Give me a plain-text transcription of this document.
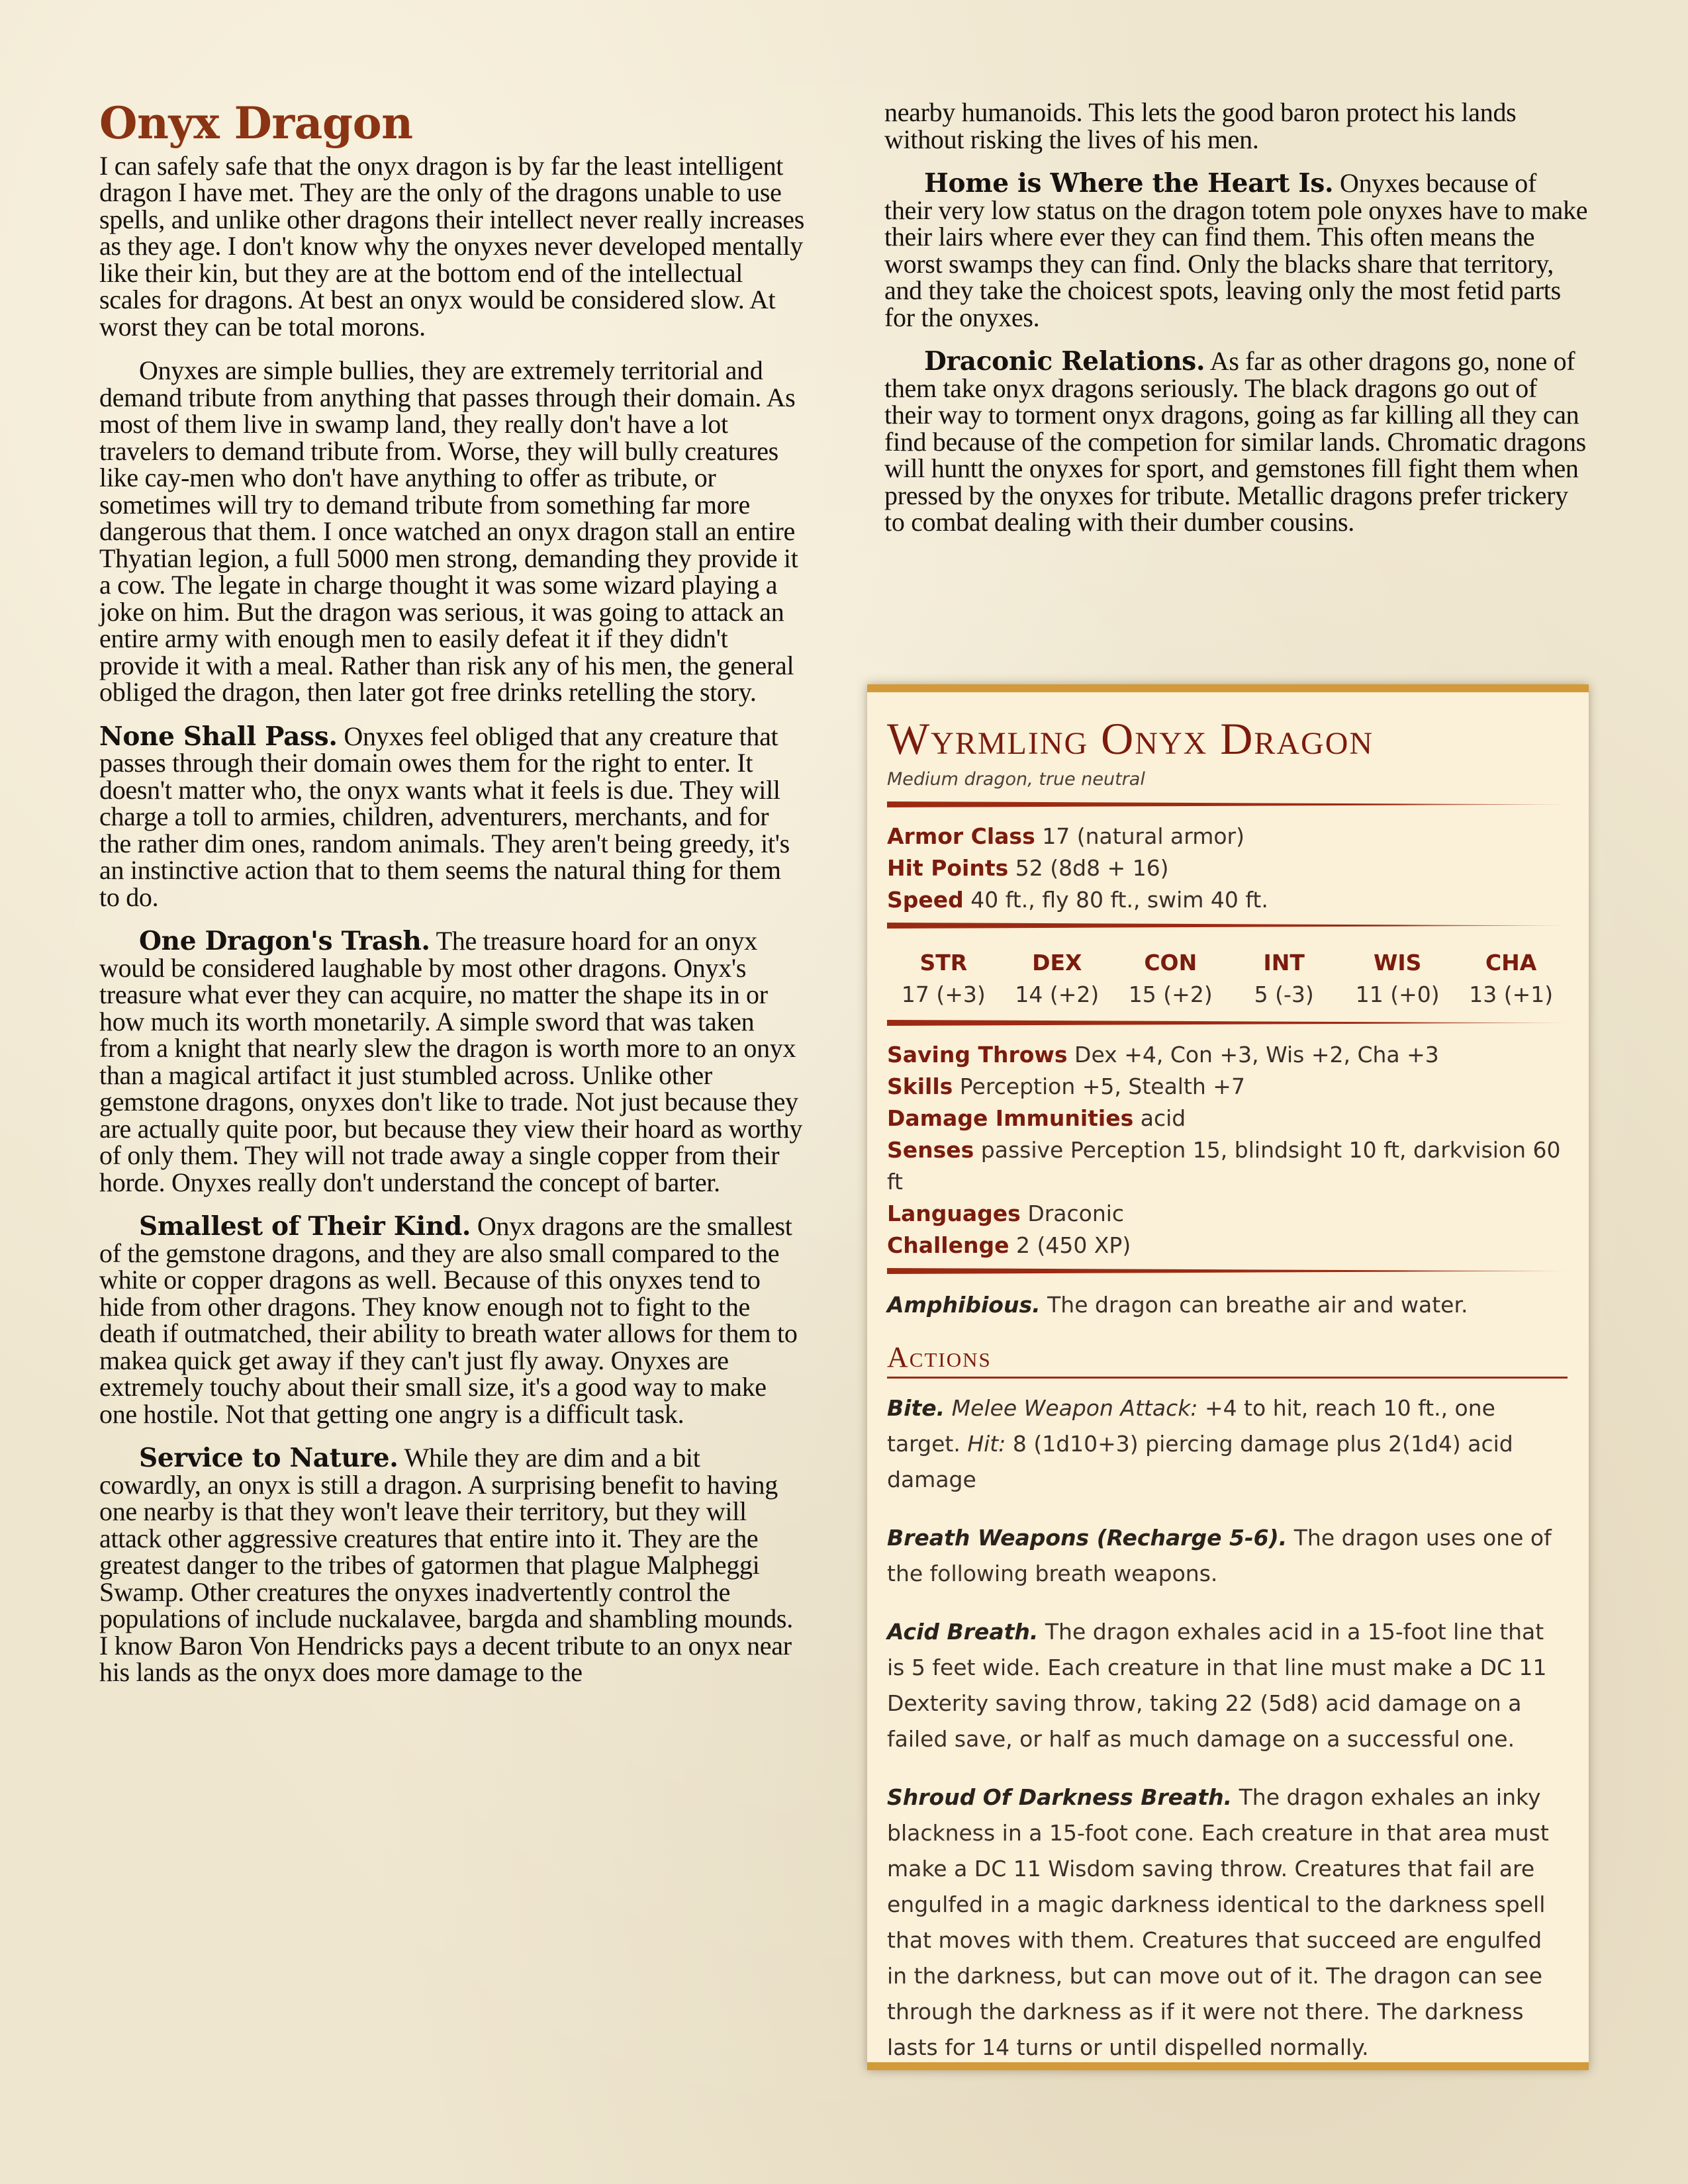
Onyx Dragon

I can safely safe that the onyx dragon is by far the least intelligent dragon I have met. They are the only of the dragons unable to use spells, and unlike other dragons their intellect never really increases as they age. I don't know why the onyxes never developed mentally like their kin, but they are at the bottom end of the intellectual scales for dragons. At best an onyx would be considered slow. At worst they can be total morons.

Onyxes are simple bullies, they are extremely territorial and demand tribute from anything that passes through their domain. As most of them live in swamp land, they really don't have a lot travelers to demand tribute from. Worse, they will bully creatures like cay-men who don't have anything to offer as tribute, or sometimes will try to demand tribute from something far more dangerous that them. I once watched an onyx dragon stall an entire Thyatian legion, a full 5000 men strong, demanding they provide it a cow. The legate in charge thought it was some wizard playing a joke on him. But the dragon was serious, it was going to attack an entire army with enough men to easily defeat it if they didn't provide it with a meal. Rather than risk any of his men, the general obliged the dragon, then later got free drinks retelling the story.

None Shall Pass. Onyxes feel obliged that any creature that passes through their domain owes them for the right to enter. It doesn't matter who, the onyx wants what it feels is due. They will charge a toll to armies, children, adventurers, merchants, and for the rather dim ones, random animals. They aren't being greedy, it's an instinctive action that to them seems the natural thing for them to do.

One Dragon's Trash. The treasure hoard for an onyx would be considered laughable by most other dragons. Onyx's treasure what ever they can acquire, no matter the shape its in or how much its worth monetarily. A simple sword that was taken from a knight that nearly slew the dragon is worth more to an onyx than a magical artifact it just stumbled across. Unlike other gemstone dragons, onyxes don't like to trade. Not just because they are actually quite poor, but because they view their hoard as worthy of only them. They will not trade away a single copper from their horde. Onyxes really don't understand the concept of barter.

Smallest of Their Kind. Onyx dragons are the smallest of the gemstone dragons, and they are also small compared to the white or copper dragons as well. Because of this onyxes tend to hide from other dragons. They know enough not to fight to the death if outmatched, their ability to breath water allows for them to makea quick get away if they can't just fly away. Onyxes are extremely touchy about their small size, it's a good way to make one hostile. Not that getting one angry is a difficult task.

Service to Nature. While they are dim and a bit cowardly, an onyx is still a dragon. A surprising benefit to having one nearby is that they won't leave their territory, but they will attack other aggressive creatures that entire into it. They are the greatest danger to the tribes of gatormen that plague Malpheggi Swamp. Other creatures the onyxes inadvertently control the populations of include nuckalavee, bargda and shambling mounds. I know Baron Von Hendricks pays a decent tribute to an onyx near his lands as the onyx does more damage to the

nearby humanoids. This lets the good baron protect his lands without risking the lives of his men.

Home is Where the Heart Is. Onyxes because of their very low status on the dragon totem pole onyxes have to make their lairs where ever they can find them. This often means the worst swamps they can find. Only the blacks share that territory, and they take the choicest spots, leaving only the most fetid parts for the onyxes.

Draconic Relations. As far as other dragons go, none of them take onyx dragons seriously. The black dragons go out of their way to torment onyx dragons, going as far killing all they can find because of the competion for similar lands. Chromatic dragons will huntt the onyxes for sport, and gemstones fill fight them when pressed by the onyxes for tribute. Metallic dragons prefer trickery to combat dealing with their dumber cousins.

Wyrmling Onyx Dragon
Medium dragon, true neutral
Armor Class 17 (natural armor)
Hit Points 52 (8d8 + 16)
Speed 40 ft., fly 80 ft., swim 40 ft.
STR
17 (+3)
DEX
14 (+2)
CON
15 (+2)
INT
5 (-3)
WIS
11 (+0)
CHA
13 (+1)
Saving Throws Dex +4, Con +3, Wis +2, Cha +3
Skills Perception +5, Stealth +7
Damage Immunities acid
Senses passive Perception 15, blindsight 10 ft, darkvision 60 ft
Languages Draconic
Challenge 2 (450 XP)
Amphibious. The dragon can breathe air and water.
Actions
Bite. Melee Weapon Attack: +4 to hit, reach 10 ft., one target. Hit: 8 (1d10+3) piercing damage plus 2(1d4) acid damage
Breath Weapons (Recharge 5-6). The dragon uses one of the following breath weapons.
Acid Breath. The dragon exhales acid in a 15-foot line that is 5 feet wide. Each creature in that line must make a DC 11 Dexterity saving throw, taking 22 (5d8) acid damage on a failed save, or half as much damage on a successful one.
Shroud Of Darkness Breath. The dragon exhales an inky blackness in a 15-foot cone. Each creature in that area must make a DC 11 Wisdom saving throw. Creatures that fail are engulfed in a magic darkness identical to the darkness spell that moves with them. Creatures that succeed are engulfed in the darkness, but can move out of it. The dragon can see through the darkness as if it were not there. The darkness lasts for 14 turns or until dispelled normally.
